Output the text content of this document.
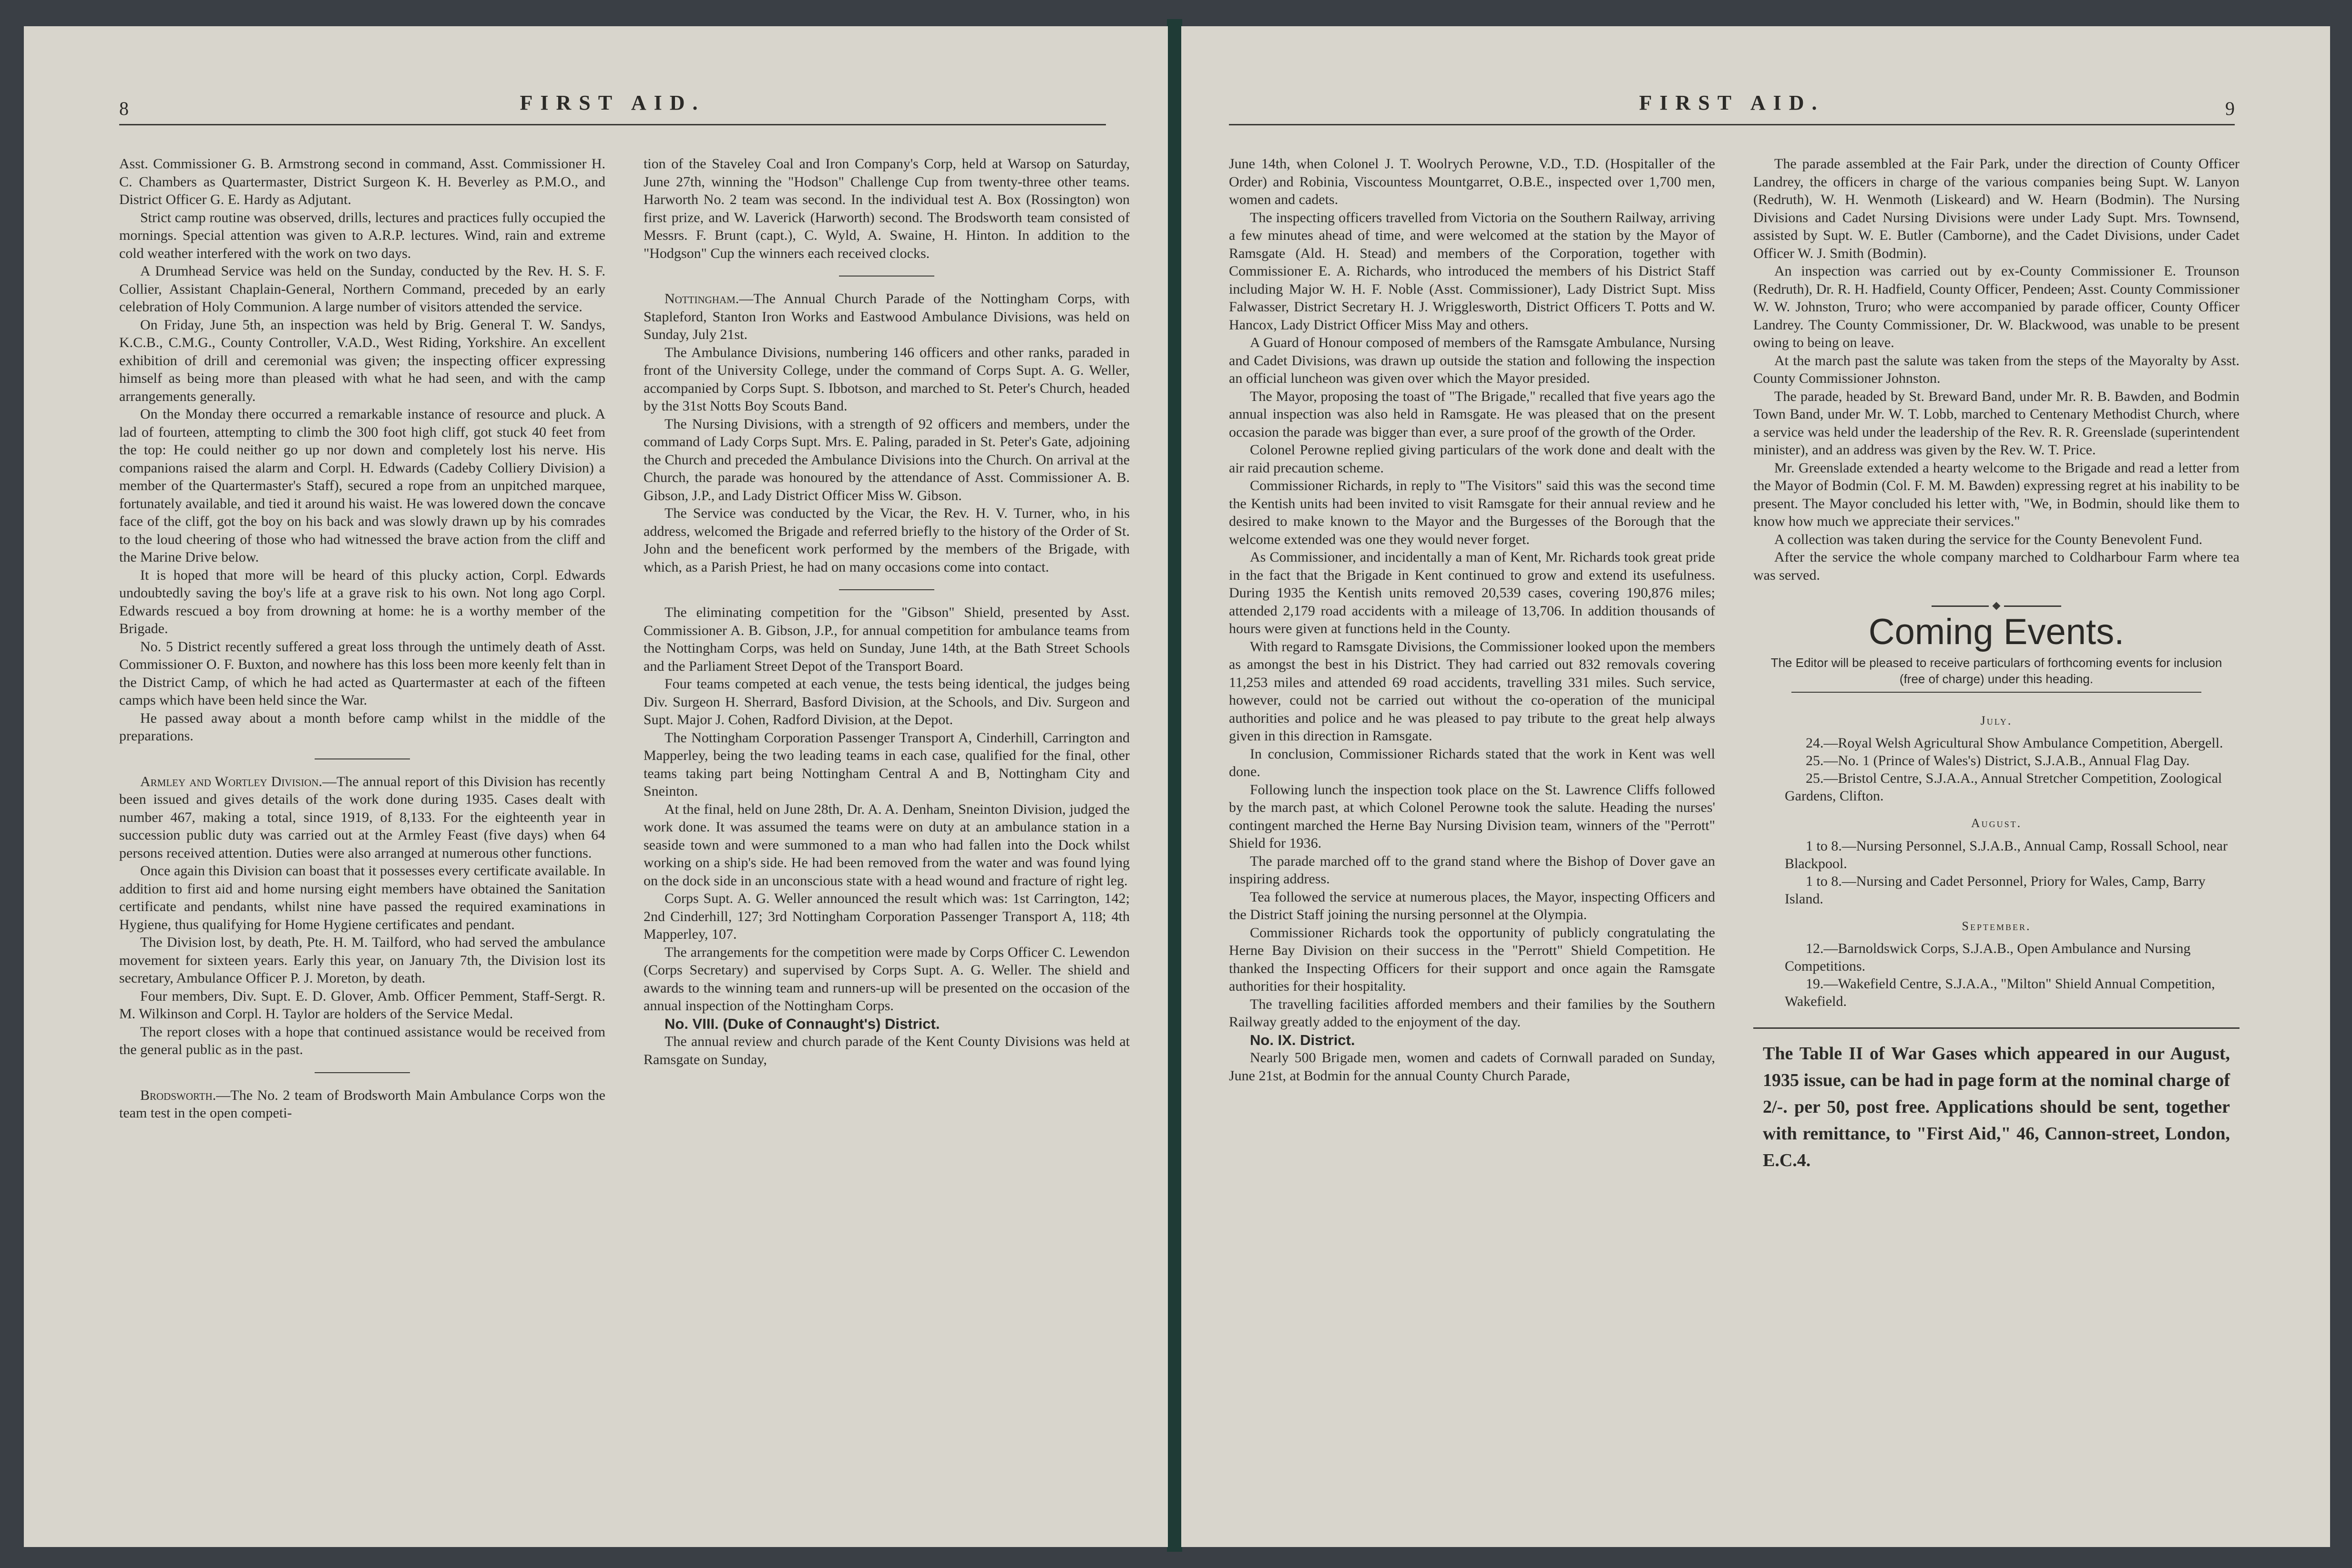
8	FIRST AID.

Asst. Commissioner G. B. Armstrong second in command, Asst. Commissioner H. C. Chambers as Quartermaster, District Surgeon K. H. Beverley as P.M.O., and District Officer G. E. Hardy as Adjutant.

Strict camp routine was observed, drills, lectures and practices fully occupied the mornings. Special attention was given to A.R.P. lectures. Wind, rain and extreme cold weather interfered with the work on two days.

A Drumhead Service was held on the Sunday, conducted by the Rev. H. S. F. Collier, Assistant Chaplain-General, Northern Command, preceded by an early celebration of Holy Communion. A large number of visitors attended the service.

On Friday, June 5th, an inspection was held by Brig. General T. W. Sandys, K.C.B., C.M.G., County Controller, V.A.D., West Riding, Yorkshire. An excellent exhibition of drill and ceremonial was given; the inspecting officer expressing himself as being more than pleased with what he had seen, and with the camp arrangements generally.

On the Monday there occurred a remarkable instance of resource and pluck. A lad of fourteen, attempting to climb the 300 foot high cliff, got stuck 40 feet from the top: He could neither go up nor down and completely lost his nerve. His companions raised the alarm and Corpl. H. Edwards (Cadeby Colliery Division) a member of the Quartermaster's Staff), secured a rope from an unpitched marquee, fortunately available, and tied it around his waist. He was lowered down the concave face of the cliff, got the boy on his back and was slowly drawn up by his comrades to the loud cheering of those who had witnessed the brave action from the cliff and the Marine Drive below.

It is hoped that more will be heard of this plucky action, Corpl. Edwards undoubtedly saving the boy's life at a grave risk to his own. Not long ago Corpl. Edwards rescued a boy from drowning at home: he is a worthy member of the Brigade.

No. 5 District recently suffered a great loss through the untimely death of Asst. Commissioner O. F. Buxton, and nowhere has this loss been more keenly felt than in the District Camp, of which he had acted as Quartermaster at each of the fifteen camps which have been held since the War.

He passed away about a month before camp whilst in the middle of the preparations.

Armley and Wortley Division.—The annual report of this Division has recently been issued and gives details of the work done during 1935. Cases dealt with number 467, making a total, since 1919, of 8,133. For the eighteenth year in succession public duty was carried out at the Armley Feast (five days) when 64 persons received attention. Duties were also arranged at numerous other functions.

Once again this Division can boast that it possesses every certificate available. In addition to first aid and home nursing eight members have obtained the Sanitation certificate and pendants, whilst nine have passed the required examinations in Hygiene, thus qualifying for Home Hygiene certificates and pendant.

The Division lost, by death, Pte. H. M. Tailford, who had served the ambulance movement for sixteen years. Early this year, on January 7th, the Division lost its secretary, Ambulance Officer P. J. Moreton, by death.

Four members, Div. Supt. E. D. Glover, Amb. Officer Pemment, Staff-Sergt. R. M. Wilkinson and Corpl. H. Taylor are holders of the Service Medal.

The report closes with a hope that continued assistance would be received from the general public as in the past.

Brodsworth.—The No. 2 team of Brodsworth Main Ambulance Corps won the team test in the open competi-

tion of the Staveley Coal and Iron Company's Corp, held at Warsop on Saturday, June 27th, winning the "Hodson" Challenge Cup from twenty-three other teams. Harworth No. 2 team was second. In the individual test A. Box (Rossington) won first prize, and W. Laverick (Harworth) second. The Brodsworth team consisted of Messrs. F. Brunt (capt.), C. Wyld, A. Swaine, H. Hinton. In addition to the "Hodgson" Cup the winners each received clocks.

Nottingham.—The Annual Church Parade of the Nottingham Corps, with Stapleford, Stanton Iron Works and Eastwood Ambulance Divisions, was held on Sunday, July 21st.

The Ambulance Divisions, numbering 146 officers and other ranks, paraded in front of the University College, under the command of Corps Supt. A. G. Weller, accompanied by Corps Supt. S. Ibbotson, and marched to St. Peter's Church, headed by the 31st Notts Boy Scouts Band.

The Nursing Divisions, with a strength of 92 officers and members, under the command of Lady Corps Supt. Mrs. E. Paling, paraded in St. Peter's Gate, adjoining the Church and preceded the Ambulance Divisions into the Church. On arrival at the Church, the parade was honoured by the attendance of Asst. Commissioner A. B. Gibson, J.P., and Lady District Officer Miss W. Gibson.

The Service was conducted by the Vicar, the Rev. H. V. Turner, who, in his address, welcomed the Brigade and referred briefly to the history of the Order of St. John and the beneficent work performed by the members of the Brigade, with which, as a Parish Priest, he had on many occasions come into contact.

The eliminating competition for the "Gibson" Shield, presented by Asst. Commissioner A. B. Gibson, J.P., for annual competition for ambulance teams from the Nottingham Corps, was held on Sunday, June 14th, at the Bath Street Schools and the Parliament Street Depot of the Transport Board.

Four teams competed at each venue, the tests being identical, the judges being Div. Surgeon H. Sherrard, Basford Division, at the Schools, and Div. Surgeon and Supt. Major J. Cohen, Radford Division, at the Depot.

The Nottingham Corporation Passenger Transport A, Cinderhill, Carrington and Mapperley, being the two leading teams in each case, qualified for the final, other teams taking part being Nottingham Central A and B, Nottingham City and Sneinton.

At the final, held on June 28th, Dr. A. A. Denham, Sneinton Division, judged the work done. It was assumed the teams were on duty at an ambulance station in a seaside town and were summoned to a man who had fallen into the Dock whilst working on a ship's side. He had been removed from the water and was found lying on the dock side in an unconscious state with a head wound and fracture of right leg.

Corps Supt. A. G. Weller announced the result which was: 1st Carrington, 142; 2nd Cinderhill, 127; 3rd Nottingham Corporation Passenger Transport A, 118; 4th Mapperley, 107.

The arrangements for the competition were made by Corps Officer C. Lewendon (Corps Secretary) and supervised by Corps Supt. A. G. Weller. The shield and awards to the winning team and runners-up will be presented on the occasion of the annual inspection of the Nottingham Corps.

No. VIII. (Duke of Connaught's) District.

The annual review and church parade of the Kent County Divisions was held at Ramsgate on Sunday,

FIRST AID.	9

June 14th, when Colonel J. T. Woolrych Perowne, V.D., T.D. (Hospitaller of the Order) and Robinia, Viscountess Mountgarret, O.B.E., inspected over 1,700 men, women and cadets.

The inspecting officers travelled from Victoria on the Southern Railway, arriving a few minutes ahead of time, and were welcomed at the station by the Mayor of Ramsgate (Ald. H. Stead) and members of the Corporation, together with Commissioner E. A. Richards, who introduced the members of his District Staff including Major W. H. F. Noble (Asst. Commissioner), Lady District Supt. Miss Falwasser, District Secretary H. J. Wrigglesworth, District Officers T. Potts and W. Hancox, Lady District Officer Miss May and others.

A Guard of Honour composed of members of the Ramsgate Ambulance, Nursing and Cadet Divisions, was drawn up outside the station and following the inspection an official luncheon was given over which the Mayor presided.

The Mayor, proposing the toast of "The Brigade," recalled that five years ago the annual inspection was also held in Ramsgate. He was pleased that on the present occasion the parade was bigger than ever, a sure proof of the growth of the Order.

Colonel Perowne replied giving particulars of the work done and dealt with the air raid precaution scheme.

Commissioner Richards, in reply to "The Visitors" said this was the second time the Kentish units had been invited to visit Ramsgate for their annual review and he desired to make known to the Mayor and the Burgesses of the Borough that the welcome extended was one they would never forget.

As Commissioner, and incidentally a man of Kent, Mr. Richards took great pride in the fact that the Brigade in Kent continued to grow and extend its usefulness. During 1935 the Kentish units removed 20,539 cases, covering 190,876 miles; attended 2,179 road accidents with a mileage of 13,706. In addition thousands of hours were given at functions held in the County.

With regard to Ramsgate Divisions, the Commissioner looked upon the members as amongst the best in his District. They had carried out 832 removals covering 11,253 miles and attended 69 road accidents, travelling 331 miles. Such service, however, could not be carried out without the co-operation of the municipal authorities and police and he was pleased to pay tribute to the great help always given in this direction in Ramsgate.

In conclusion, Commissioner Richards stated that the work in Kent was well done.

Following lunch the inspection took place on the St. Lawrence Cliffs followed by the march past, at which Colonel Perowne took the salute. Heading the nurses' contingent marched the Herne Bay Nursing Division team, winners of the "Perrott" Shield for 1936.

The parade marched off to the grand stand where the Bishop of Dover gave an inspiring address.

Tea followed the service at numerous places, the Mayor, inspecting Officers and the District Staff joining the nursing personnel at the Olympia.

Commissioner Richards took the opportunity of publicly congratulating the Herne Bay Division on their success in the "Perrott" Shield Competition. He thanked the Inspecting Officers for their support and once again the Ramsgate authorities for their hospitality.

The travelling facilities afforded members and their families by the Southern Railway greatly added to the enjoyment of the day.

No. IX. District.

Nearly 500 Brigade men, women and cadets of Cornwall paraded on Sunday, June 21st, at Bodmin for the annual County Church Parade,

The parade assembled at the Fair Park, under the direction of County Officer Landrey, the officers in charge of the various companies being Supt. W. Lanyon (Redruth), W. H. Wenmoth (Liskeard) and W. Hearn (Bodmin). The Nursing Divisions and Cadet Nursing Divisions were under Lady Supt. Mrs. Townsend, assisted by Supt. W. E. Butler (Camborne), and the Cadet Divisions, under Cadet Officer W. J. Smith (Bodmin).

An inspection was carried out by ex-County Commissioner E. Trounson (Redruth), Dr. R. H. Hadfield, County Officer, Pendeen; Asst. County Commissioner W. W. Johnston, Truro; who were accompanied by parade officer, County Officer Landrey. The County Commissioner, Dr. W. Blackwood, was unable to be present owing to being on leave.

At the march past the salute was taken from the steps of the Mayoralty by Asst. County Commissioner Johnston.

The parade, headed by St. Breward Band, under Mr. R. B. Bawden, and Bodmin Town Band, under Mr. W. T. Lobb, marched to Centenary Methodist Church, where a service was held under the leadership of the Rev. R. R. Greenslade (superintendent minister), and an address was given by the Rev. W. T. Price.

Mr. Greenslade extended a hearty welcome to the Brigade and read a letter from the Mayor of Bodmin (Col. F. M. M. Bawden) expressing regret at his inability to be present. The Mayor concluded his letter with, "We, in Bodmin, should like them to know how much we appreciate their services."

A collection was taken during the service for the County Benevolent Fund.

After the service the whole company marched to Coldharbour Farm where tea was served.

Coming Events.
The Editor will be pleased to receive particulars of forthcoming events for inclusion (free of charge) under this heading.
July.

24.—Royal Welsh Agricultural Show Ambulance Competition, Abergell.

25.—No. 1 (Prince of Wales's) District, S.J.A.B., Annual Flag Day.

25.—Bristol Centre, S.J.A.A., Annual Stretcher Competition, Zoological Gardens, Clifton.

August.

1 to 8.—Nursing Personnel, S.J.A.B., Annual Camp, Rossall School, near Blackpool.

1 to 8.—Nursing and Cadet Personnel, Priory for Wales, Camp, Barry Island.

September.

12.—Barnoldswick Corps, S.J.A.B., Open Ambulance and Nursing Competitions.

19.—Wakefield Centre, S.J.A.A., "Milton" Shield Annual Competition, Wakefield.

The Table II of War Gases which appeared in our August, 1935 issue, can be had in page form at the nominal charge of 2/-. per 50, post free. Applications should be sent, together with remittance, to "First Aid," 46, Cannon-street, London, E.C.4.
